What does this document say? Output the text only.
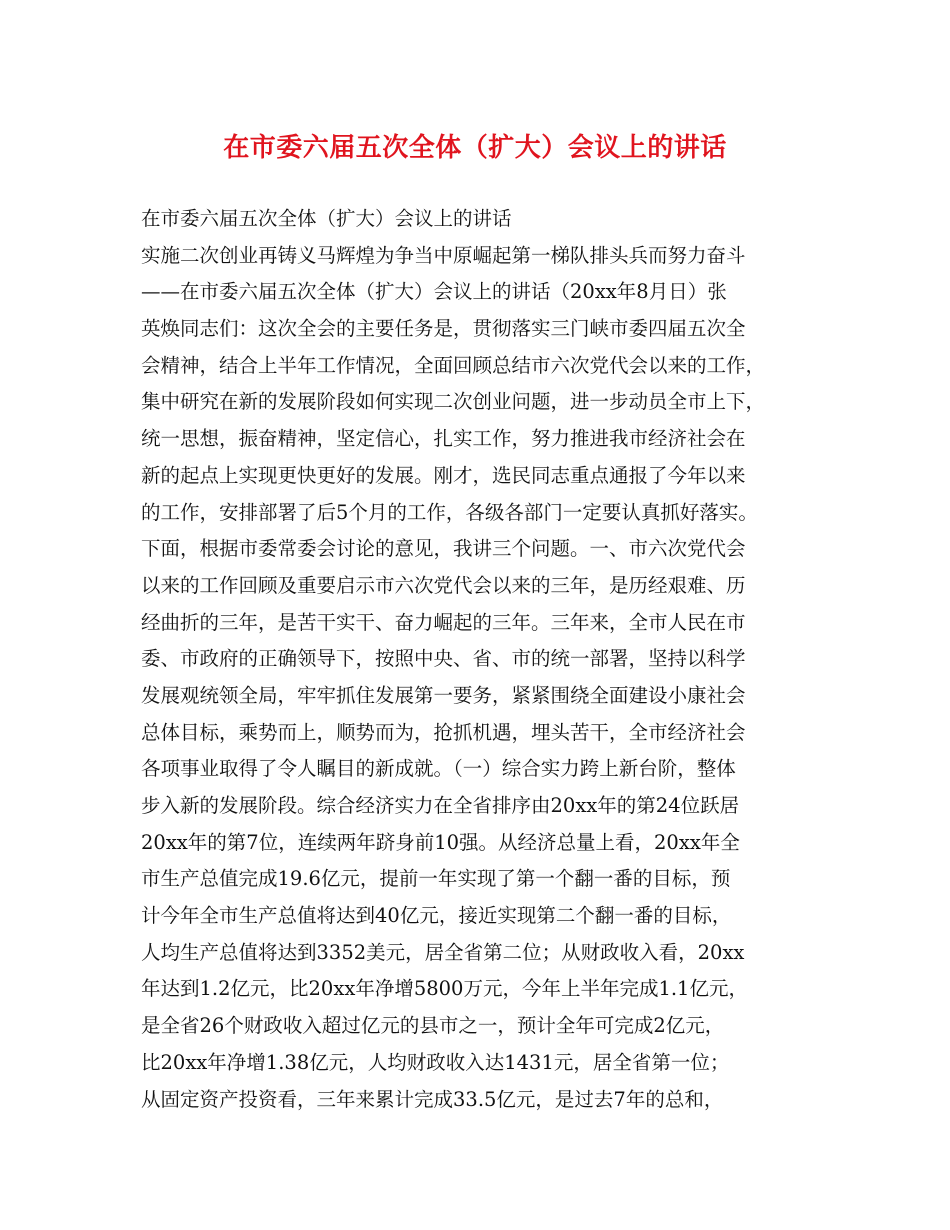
在市委六届五次全体（扩大）会议上的讲话
在市委六届五次全体（扩大）会议上的讲话
实施二次创业再铸义马辉煌为争当中原崛起第一梯队排头兵而努力奋斗
——在市委六届五次全体（扩大）会议上的讲话（20xx年8月日）张
英焕同志们：这次全会的主要任务是，贯彻落实三门峡市委四届五次全
会精神，结合上半年工作情况，全面回顾总结市六次党代会以来的工作，
集中研究在新的发展阶段如何实现二次创业问题，进一步动员全市上下，
统一思想，振奋精神，坚定信心，扎实工作，努力推进我市经济社会在
新的起点上实现更快更好的发展。刚才，选民同志重点通报了今年以来
的工作，安排部署了后5个月的工作，各级各部门一定要认真抓好落实。
下面，根据市委常委会讨论的意见，我讲三个问题。一、市六次党代会
以来的工作回顾及重要启示市六次党代会以来的三年，是历经艰难、历
经曲折的三年，是苦干实干、奋力崛起的三年。三年来，全市人民在市
委、市政府的正确领导下，按照中央、省、市的统一部署，坚持以科学
发展观统领全局，牢牢抓住发展第一要务，紧紧围绕全面建设小康社会
总体目标，乘势而上，顺势而为，抢抓机遇，埋头苦干，全市经济社会
各项事业取得了令人瞩目的新成就。（一）综合实力跨上新台阶，整体
步入新的发展阶段。综合经济实力在全省排序由20xx年的第24位跃居
20xx年的第7位，连续两年跻身前10强。从经济总量上看，20xx年全
市生产总值完成19.6亿元，提前一年实现了第一个翻一番的目标，预
计今年全市生产总值将达到40亿元，接近实现第二个翻一番的目标，
人均生产总值将达到3352美元，居全省第二位；从财政收入看，20xx
年达到1.2亿元，比20xx年净增5800万元，今年上半年完成1.1亿元，
是全省26个财政收入超过亿元的县市之一，预计全年可完成2亿元，
比20xx年净增1.38亿元，人均财政收入达1431元，居全省第一位；
从固定资产投资看，三年来累计完成33.5亿元，是过去7年的总和，
